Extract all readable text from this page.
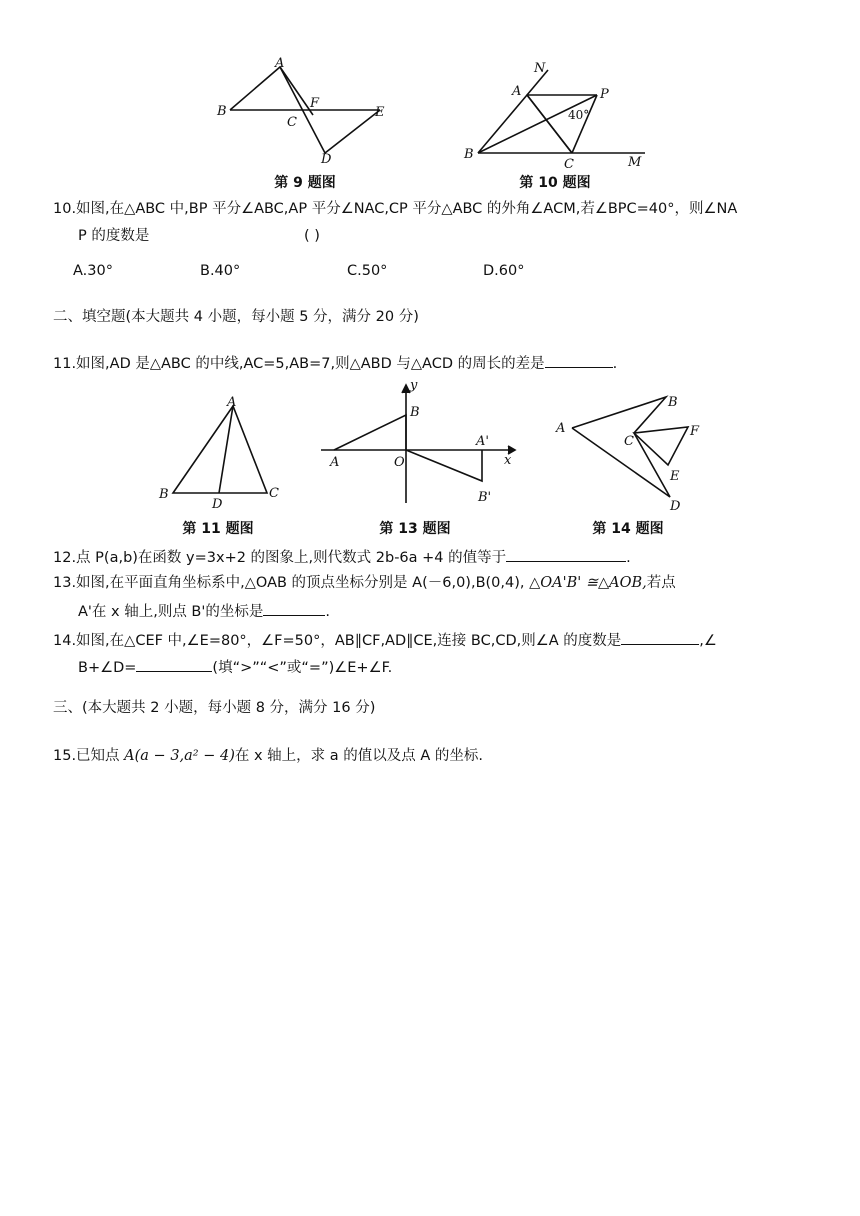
A
B
C
F
E
D
第 9 题图
N
A	P
40°
B
C	M
第 10 题图
10.如图,在△ABC 中,BP 平分∠ABC,AP 平分∠NAC,CP 平分△ABC 的外角∠ACM,若∠BPC=40°，则∠NA
P 的度数是	( )
A.30°	B.40°	C.50°	D.60°
二、填空题(本大题共 4 小题，每小题 5 分，满分 20 分)
11.如图,AD 是△ABC 的中线,AC=5,AB=7,则△ABD 与△ACD 的周长的差是	.
A
B
D
C
第 11 题图
y
B
A	O
A'
x
B'
第 13 题图
A
B
C
F
E
D
第 14 题图
12.点 P(a,b)在函数 y=3x+2 的图象上,则代数式 2b-6a +4 的值等于	.
13.如图,在平面直角坐标系中,△OAB 的顶点坐标分别是 A(－6,0),B(0,4), △OA'B' ≅△AOB,若点
A'在 x 轴上,则点 B'的坐标是	.
14.如图,在△CEF 中,∠E=80°，∠F=50°，AB∥CF,AD∥CE,连接 BC,CD,则∠A 的度数是	,∠
B+∠D=	(填“>”“<”或“=”)∠E+∠F.
三、(本大题共 2 小题，每小题 8 分，满分 16 分)
15.已知点 A(a − 3,a² − 4)在 x 轴上，求 a 的值以及点 A 的坐标.
